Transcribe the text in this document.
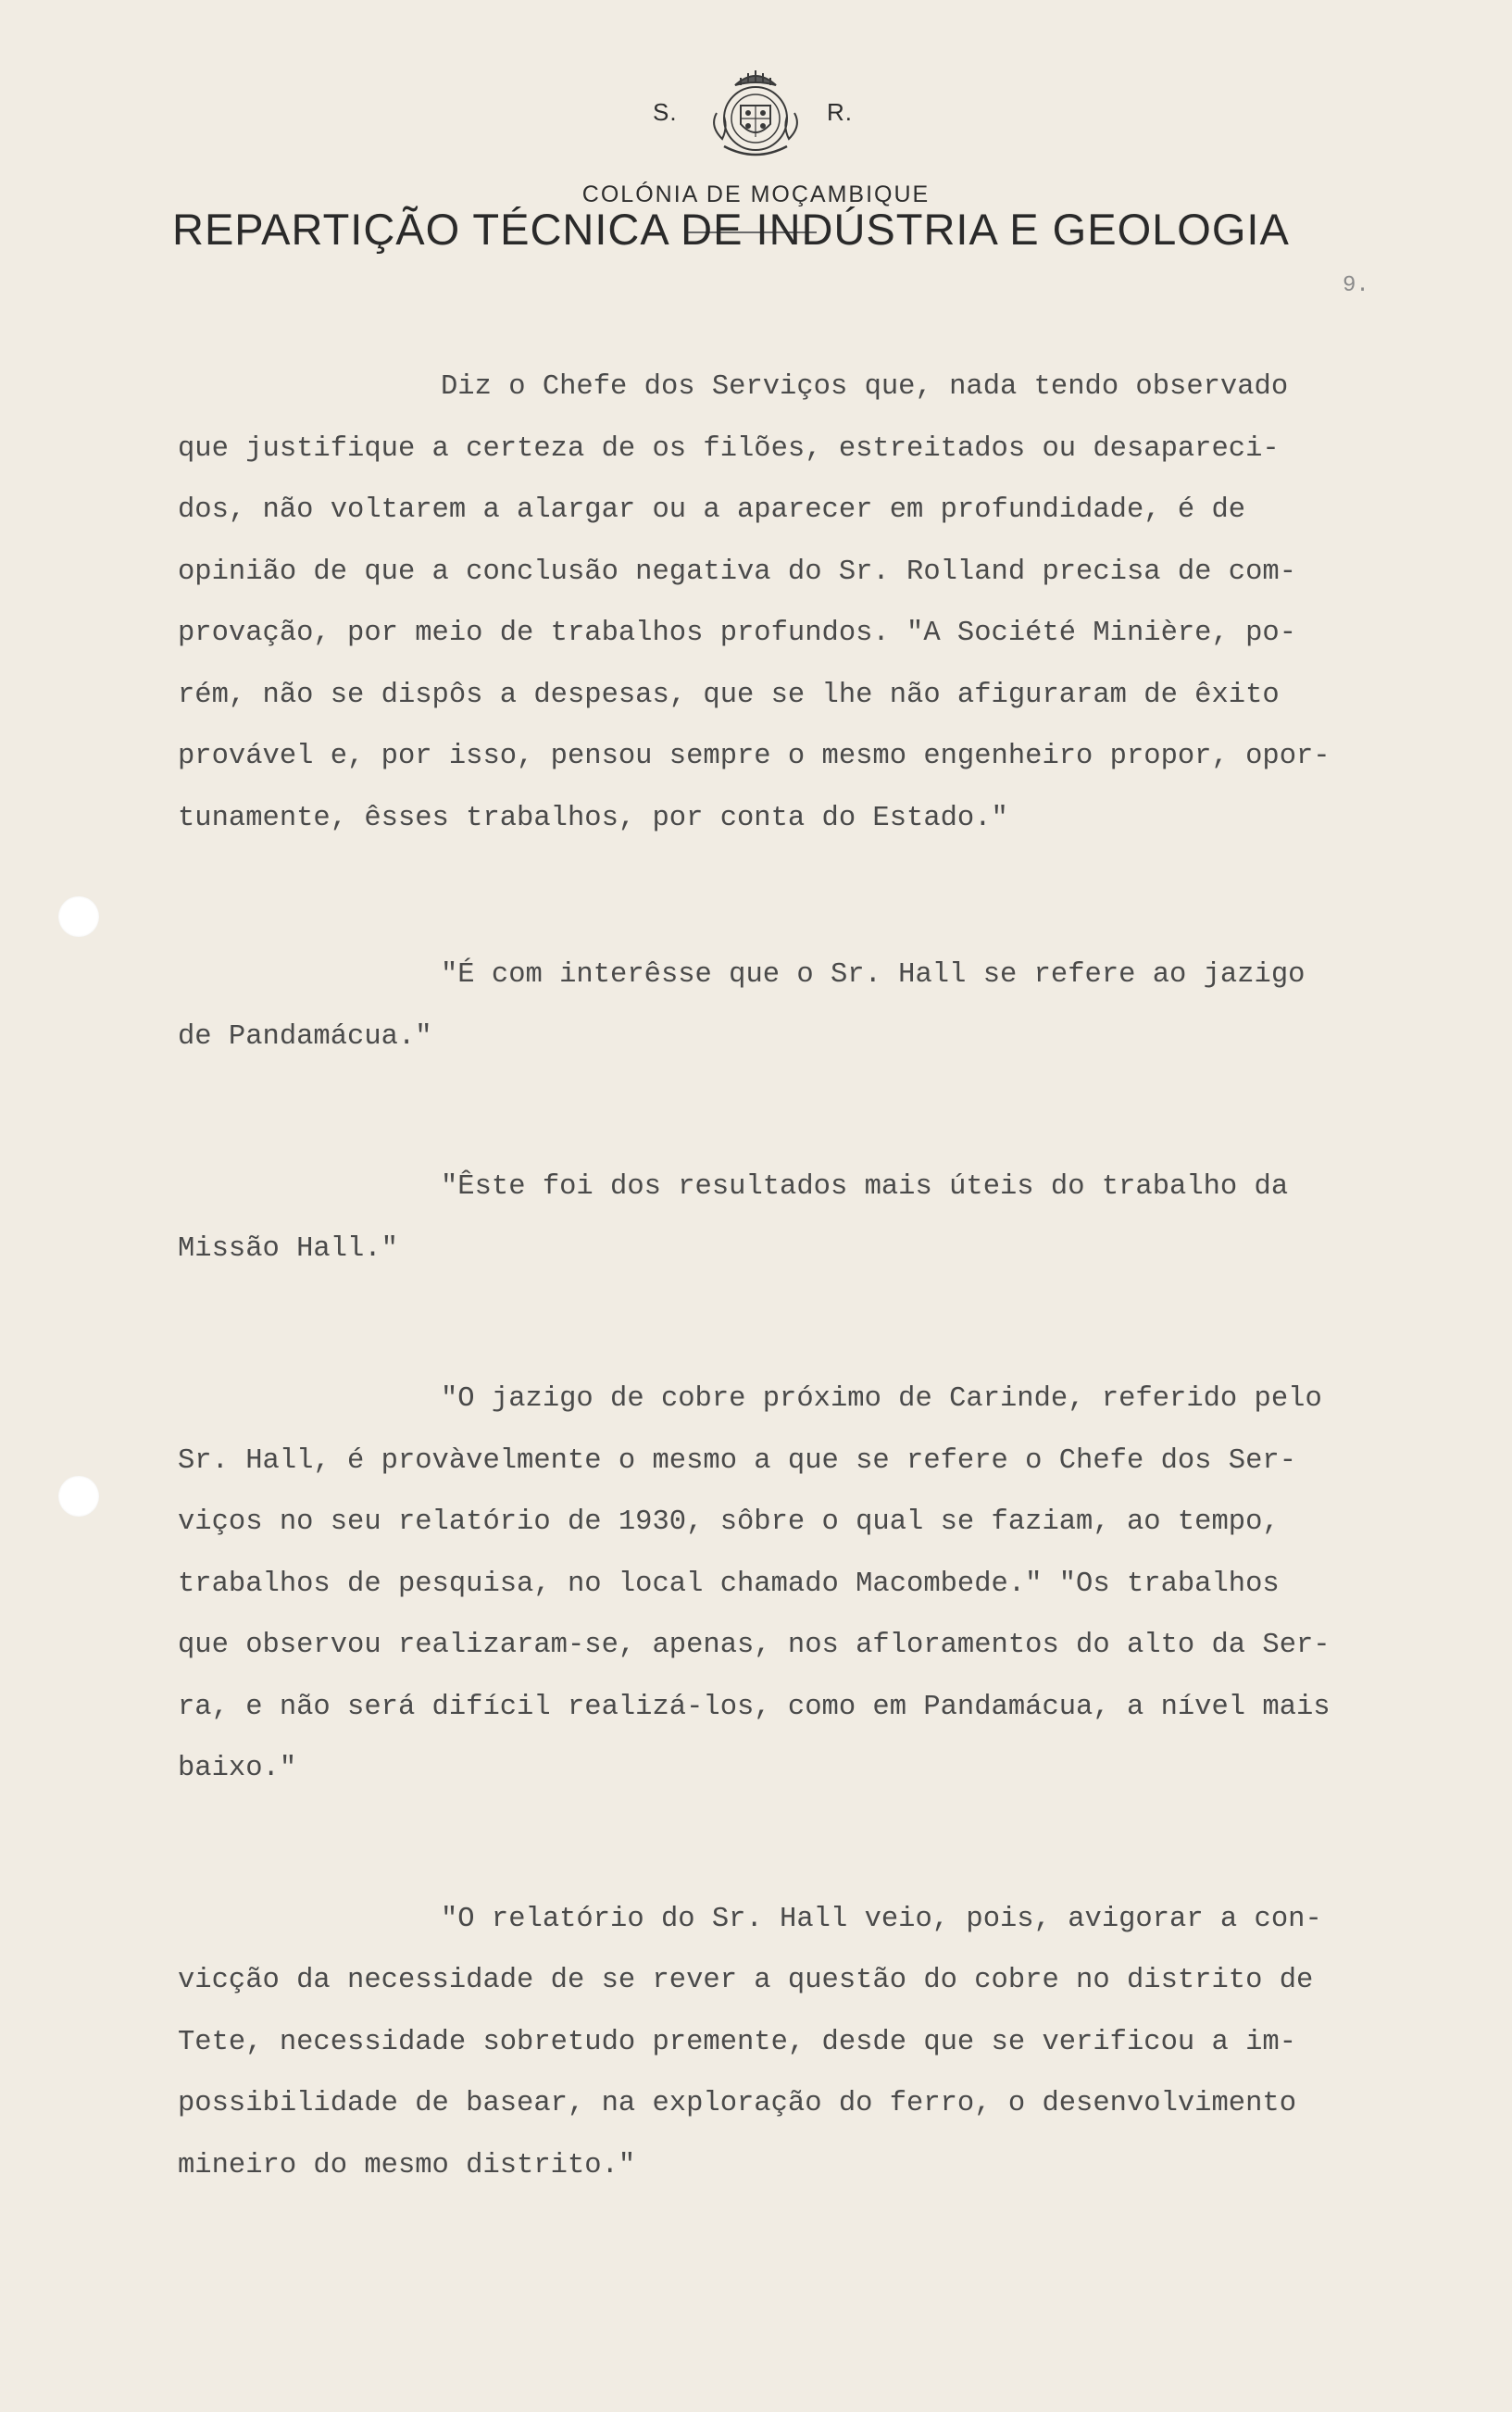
S.	R.
COLÓNIA DE MOÇAMBIQUE
REPARTIÇÃO TÉCNICA DE INDÚSTRIA E GEOLOGIA
9.

Diz o Chefe dos Serviços que, nada tendo observado
que justifique a certeza de os filões, estreitados ou desapareci-
dos, não voltarem a alargar ou a aparecer em profundidade, é de
opinião de que a conclusão negativa do Sr. Rolland precisa de com-
provação, por meio de trabalhos profundos. "A Société Minière, po-
rém, não se dispôs a despesas, que se lhe não afiguraram de êxito
provável e, por isso, pensou sempre o mesmo engenheiro propor, opor-
tunamente, êsses trabalhos, por conta do Estado."

"É com interêsse que o Sr. Hall se refere ao jazigo
de Pandamácua."

"Êste foi dos resultados mais úteis do trabalho da
Missão Hall."

"O jazigo de cobre próximo de Carinde, referido pelo
Sr. Hall, é provàvelmente o mesmo a que se refere o Chefe dos Ser-
viços no seu relatório de 1930, sôbre o qual se faziam, ao tempo,
trabalhos de pesquisa, no local chamado Macombede." "Os trabalhos
que observou realizaram-se, apenas, nos afloramentos do alto da Ser-
ra, e não será difícil realizá-los, como em Pandamácua, a nível mais
baixo."

"O relatório do Sr. Hall veio, pois, avigorar a con-
vicção da necessidade de se rever a questão do cobre no distrito de
Tete, necessidade sobretudo premente, desde que se verificou a im-
possibilidade de basear, na exploração do ferro, o desenvolvimento
mineiro do mesmo distrito."
